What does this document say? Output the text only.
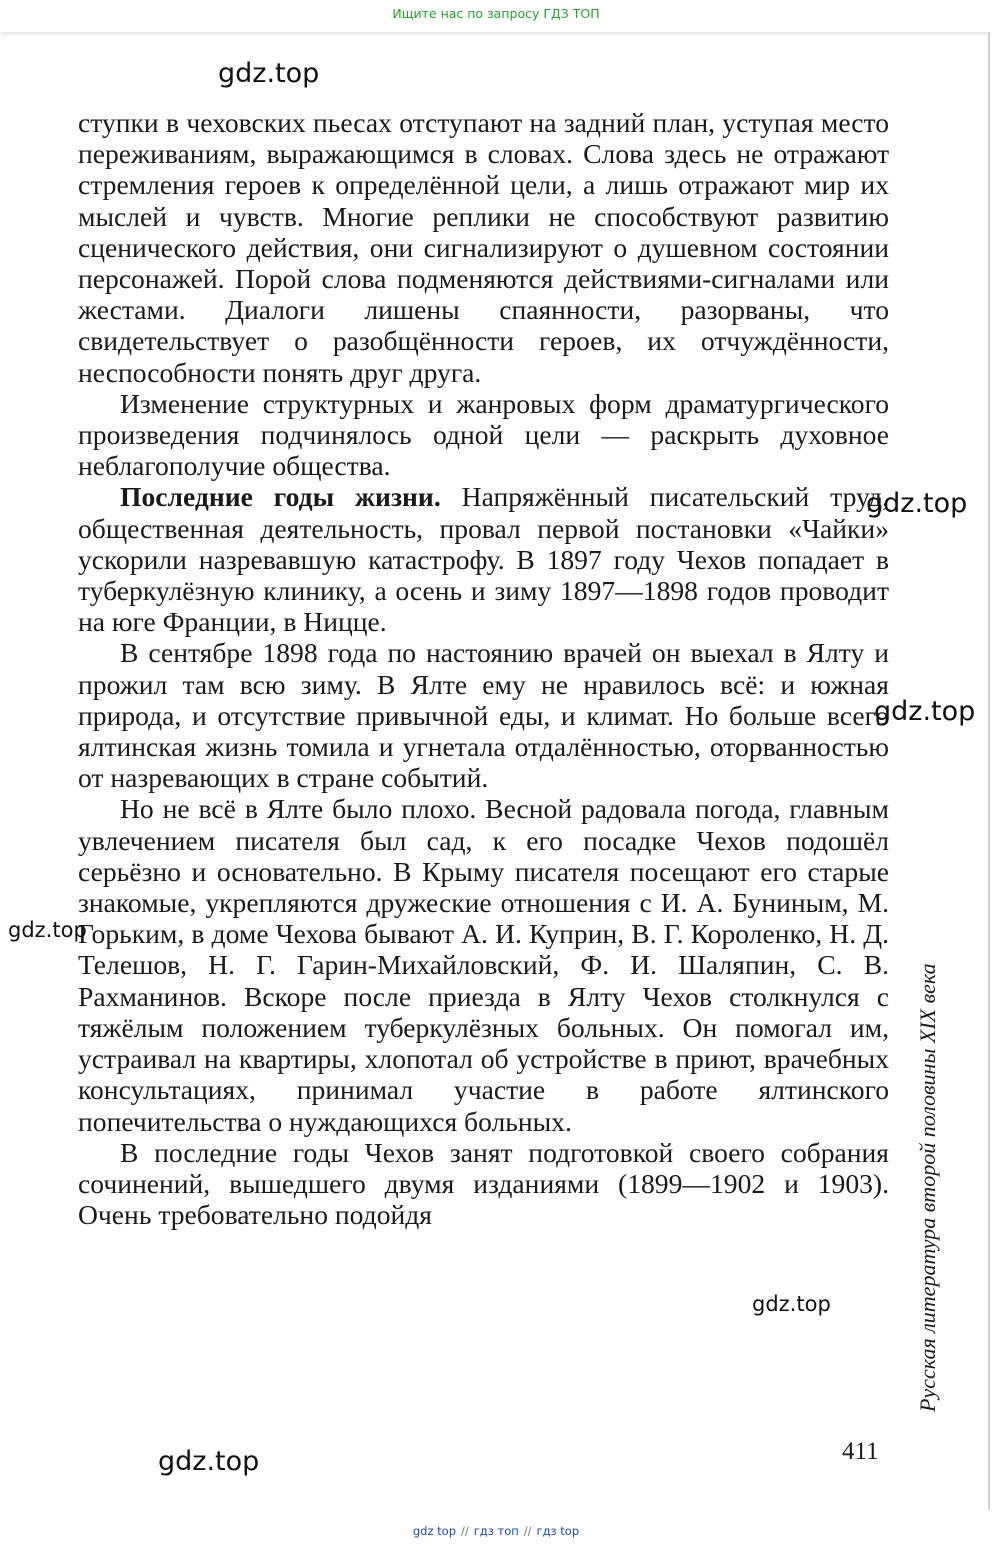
Ищите нас по запросу ГДЗ ТОП

ступки в чеховских пьесах отступают на задний план, уступая место переживаниям, выражающимся в словах. Слова здесь не отражают стремления героев к определённой цели, а лишь отражают мир их мыслей и чувств. Многие реплики не способствуют развитию сценического действия, они сигнализируют о душевном состоянии персонажей. Порой слова подменяются действиями-сигналами или жестами. Диалоги лишены спаянности, разорваны, что свидетельствует о разобщённости героев, их отчуждённости, неспособности понять друг друга.

Изменение структурных и жанровых форм драматургического произведения подчинялось одной цели — раскрыть духовное неблагополучие общества.

Последние годы жизни. Напряжённый писательский труд, общественная деятельность, провал первой постановки «Чайки» ускорили назревавшую катастрофу. В 1897 году Чехов попадает в туберкулёзную клинику, а осень и зиму 1897—1898 годов проводит на юге Франции, в Ницце.

В сентябре 1898 года по настоянию врачей он выехал в Ялту и прожил там всю зиму. В Ялте ему не нравилось всё: и южная природа, и отсутствие привычной еды, и климат. Но больше всего ялтинская жизнь томила и угнетала отдалённостью, оторванностью от назревающих в стране событий.

Но не всё в Ялте было плохо. Весной радовала погода, главным увлечением писателя был сад, к его посадке Чехов подошёл серьёзно и основательно. В Крыму писателя посещают его старые знакомые, укрепляются дружеские отношения с И. А. Буниным, М. Горьким, в доме Чехова бывают А. И. Куприн, В. Г. Короленко, Н. Д. Телешов, Н. Г. Гарин-Михайловский, Ф. И. Шаляпин, С. В. Рахманинов. Вскоре после приезда в Ялту Чехов столкнулся с тяжёлым положением туберкулёзных больных. Он помогал им, устраивал на квартиры, хлопотал об устройстве в приют, врачебных консультациях, принимал участие в работе ялтинского попечительства о нуждающихся больных.

В последние годы Чехов занят подготовкой своего собрания сочинений, вышедшего двумя изданиями (1899—1902 и 1903). Очень требовательно подойдя

gdz.top
gdz.top
gdz.top
gdz.top
gdz.top
gdz.top
Русская литература второй половины XIX века
411
gdz top // гдз топ // гдз top
